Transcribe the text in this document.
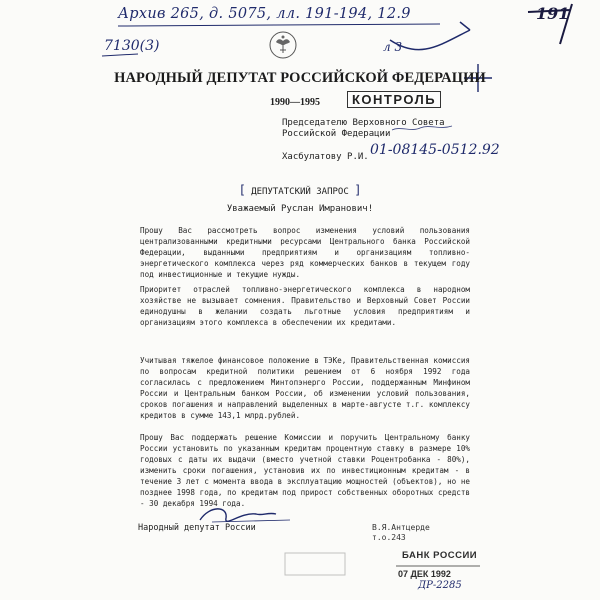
Архив 265, д. 5075, лл. 191-194, 12.9
7130(3)	л 3
191
НАРОДНЫЙ ДЕПУТАТ РОССИЙСКОЙ ФЕДЕРАЦИИ
1990—1995	КОНТРОЛЬ
Председателю Верховного Совета
Российской Федерации
Хасбулатову Р.И. 01-08145-0512.92
[ ДЕПУТАТСКИЙ ЗАПРОС ]
Уважаемый Руслан Имранович!
Прошу Вас рассмотреть вопрос изменения условий пользования централизованными кредитными ресурсами Центрального банка Российской Федерации, выданными предприятиям и организациям топливно-энергетического комплекса через ряд коммерческих банков в текущем году под инвестиционные и текущие нужды.
Приоритет отраслей топливно-энергетического комплекса в народном хозяйстве не вызывает сомнения. Правительство и Верховный Совет России единодушны в желании создать льготные условия предприятиям и организациям этого комплекса в обеспечении их кредитами.
Учитывая тяжелое финансовое положение в ТЭКе, Правительственная комиссия по вопросам кредитной политики решением от 6 ноября 1992 года согласилась с предложением Минтопэнерго России, поддержанным Минфином России и Центральным банком России, об изменении условий пользования, сроков погашения и направлений выделенных в марте-августе т.г. комплексу кредитов в сумме 143,1 млрд.рублей.
Прошу Вас поддержать решение Комиссии и поручить Центральному банку России установить по указанным кредитам процентную ставку в размере 10% годовых с даты их выдачи (вместо учетной ставки Роцентробанка - 80%), изменить сроки погашения, установив их по инвестиционным кредитам - в течение 3 лет с момента ввода в эксплуатацию мощностей (объектов), но не позднее 1998 года, по кредитам под прирост собственных оборотных средств - 30 декабря 1994 года.
Народный депутат России	В.Я.Антцерде
т.о.243
БАНК РОССИИ
07 ДЕК 1992
ДР-2285
